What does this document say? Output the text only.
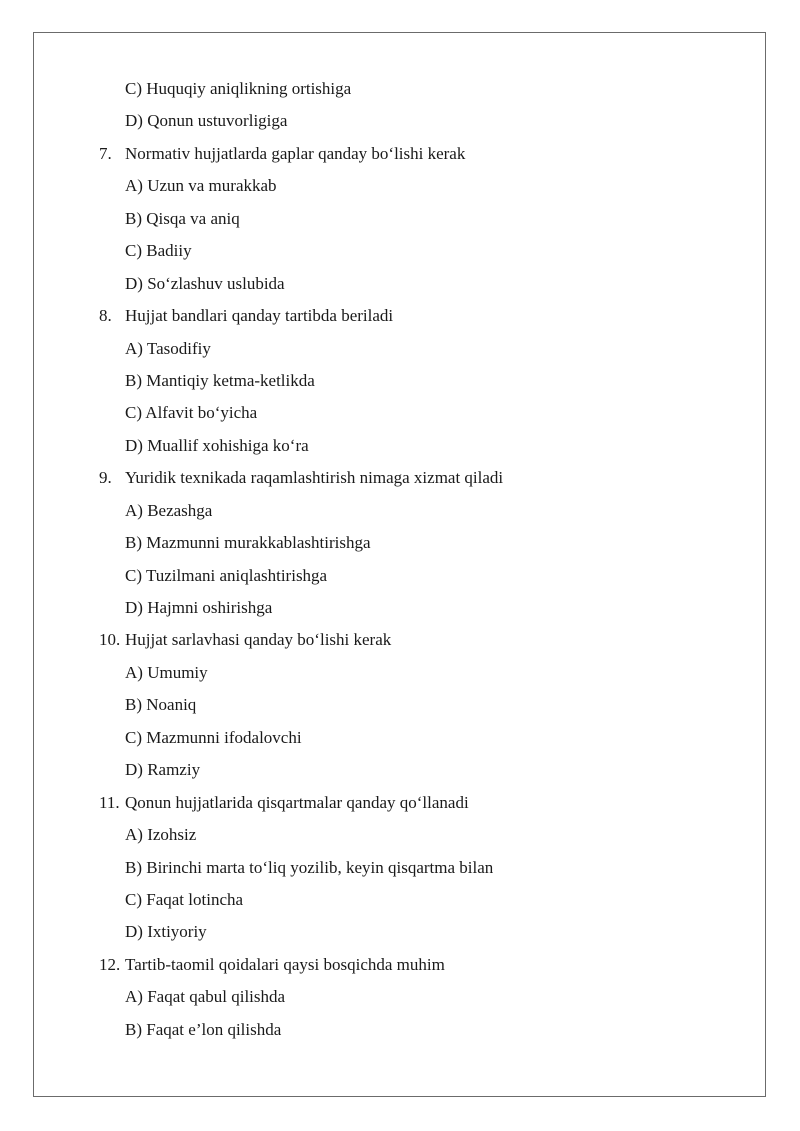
C) Huquqiy aniqlikning ortishiga
D) Qonun ustuvorligiga
7. Normativ hujjatlarda gaplar qanday bo‘lishi kerak
A) Uzun va murakkab
B) Qisqa va aniq
C) Badiiy
D) So‘zlashuv uslubida
8. Hujjat bandlari qanday tartibda beriladi
A) Tasodifiy
B) Mantiqiy ketma-ketlikda
C) Alfavit bo‘yicha
D) Muallif xohishiga ko‘ra
9. Yuridik texnikada raqamlashtirish nimaga xizmat qiladi
A) Bezashga
B) Mazmunni murakkablashtirishga
C) Tuzilmani aniqlashtirishga
D) Hajmni oshirishga
10. Hujjat sarlavhasi qanday bo‘lishi kerak
A) Umumiy
B) Noaniq
C) Mazmunni ifodalovchi
D) Ramziy
11. Qonun hujjatlarida qisqartmalar qanday qo‘llanadi
A) Izohsiz
B) Birinchi marta to‘liq yozilib, keyin qisqartma bilan
C) Faqat lotincha
D) Ixtiyoriy
12. Tartib-taomil qoidalari qaysi bosqichda muhim
A) Faqat qabul qilishda
B) Faqat e’lon qilishda
